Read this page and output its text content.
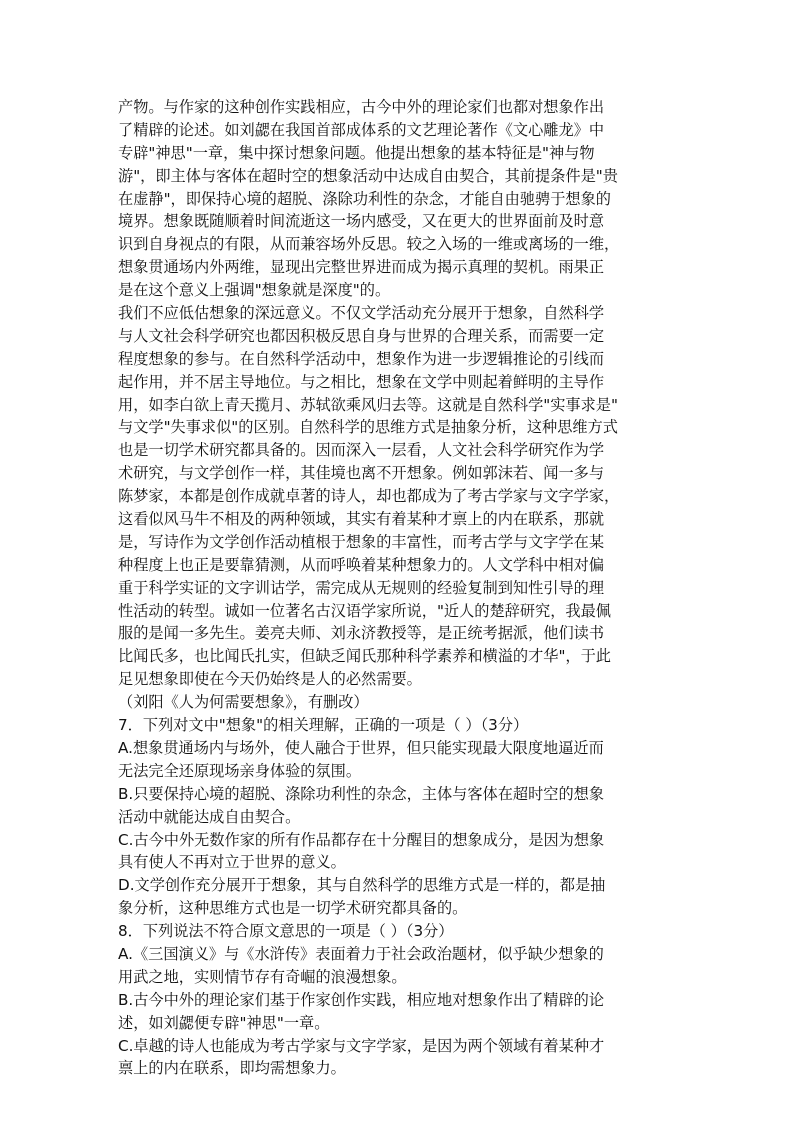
产物。与作家的这种创作实践相应，古今中外的理论家们也都对想象作出
了精辟的论述。如刘勰在我国首部成体系的文艺理论著作《文心雕龙》中
专辟"神思"一章，集中探讨想象问题。他提出想象的基本特征是"神与物
游"，即主体与客体在超时空的想象活动中达成自由契合，其前提条件是"贵
在虚静"，即保持心境的超脱、涤除功利性的杂念，才能自由驰骋于想象的
境界。想象既随顺着时间流逝这一场内感受，又在更大的世界面前及时意
识到自身视点的有限，从而兼容场外反思。较之入场的一维或离场的一维，
想象贯通场内外两维，显现出完整世界进而成为揭示真理的契机。雨果正
是在这个意义上强调"想象就是深度"的。
我们不应低估想象的深远意义。不仅文学活动充分展开于想象，自然科学
与人文社会科学研究也都因积极反思自身与世界的合理关系，而需要一定
程度想象的参与。在自然科学活动中，想象作为进一步逻辑推论的引线而
起作用，并不居主导地位。与之相比，想象在文学中则起着鲜明的主导作
用，如李白欲上青天揽月、苏轼欲乘风归去等。这就是自然科学"实事求是"
与文学"失事求似"的区别。自然科学的思维方式是抽象分析，这种思维方式
也是一切学术研究都具备的。因而深入一层看，人文社会科学研究作为学
术研究，与文学创作一样，其佳境也离不开想象。例如郭沫若、闻一多与
陈梦家，本都是创作成就卓著的诗人，却也都成为了考古学家与文字学家，
这看似风马牛不相及的两种领域，其实有着某种才禀上的内在联系，那就
是，写诗作为文学创作活动植根于想象的丰富性，而考古学与文字学在某
种程度上也正是要靠猜测，从而呼唤着某种想象力的。人文学科中相对偏
重于科学实证的文字训诂学，需完成从无规则的经验复制到知性引导的理
性活动的转型。诚如一位著名古汉语学家所说，"近人的楚辞研究，我最佩
服的是闻一多先生。姜亮夫师、刘永济教授等，是正统考据派，他们读书
比闻氏多，也比闻氏扎实，但缺乏闻氏那种科学素养和横溢的才华"，于此
足见想象即使在今天仍始终是人的必然需要。
（刘阳《人为何需要想象》，有删改）
7．下列对文中"想象"的相关理解，正确的一项是（ ）（3分）
A.想象贯通场内与场外，使人融合于世界，但只能实现最大限度地逼近而
无法完全还原现场亲身体验的氛围。
B.只要保持心境的超脱、涤除功利性的杂念，主体与客体在超时空的想象
活动中就能达成自由契合。
C.古今中外无数作家的所有作品都存在十分醒目的想象成分，是因为想象
具有使人不再对立于世界的意义。
D.文学创作充分展开于想象，其与自然科学的思维方式是一样的，都是抽
象分析，这种思维方式也是一切学术研究都具备的。
8．下列说法不符合原文意思的一项是（ ）（3分）
A.《三国演义》与《水浒传》表面着力于社会政治题材，似乎缺少想象的
用武之地，实则情节存有奇崛的浪漫想象。
B.古今中外的理论家们基于作家创作实践，相应地对想象作出了精辟的论
述，如刘勰便专辟"神思"一章。
C.卓越的诗人也能成为考古学家与文字学家，是因为两个领域有着某种才
禀上的内在联系，即均需想象力。
